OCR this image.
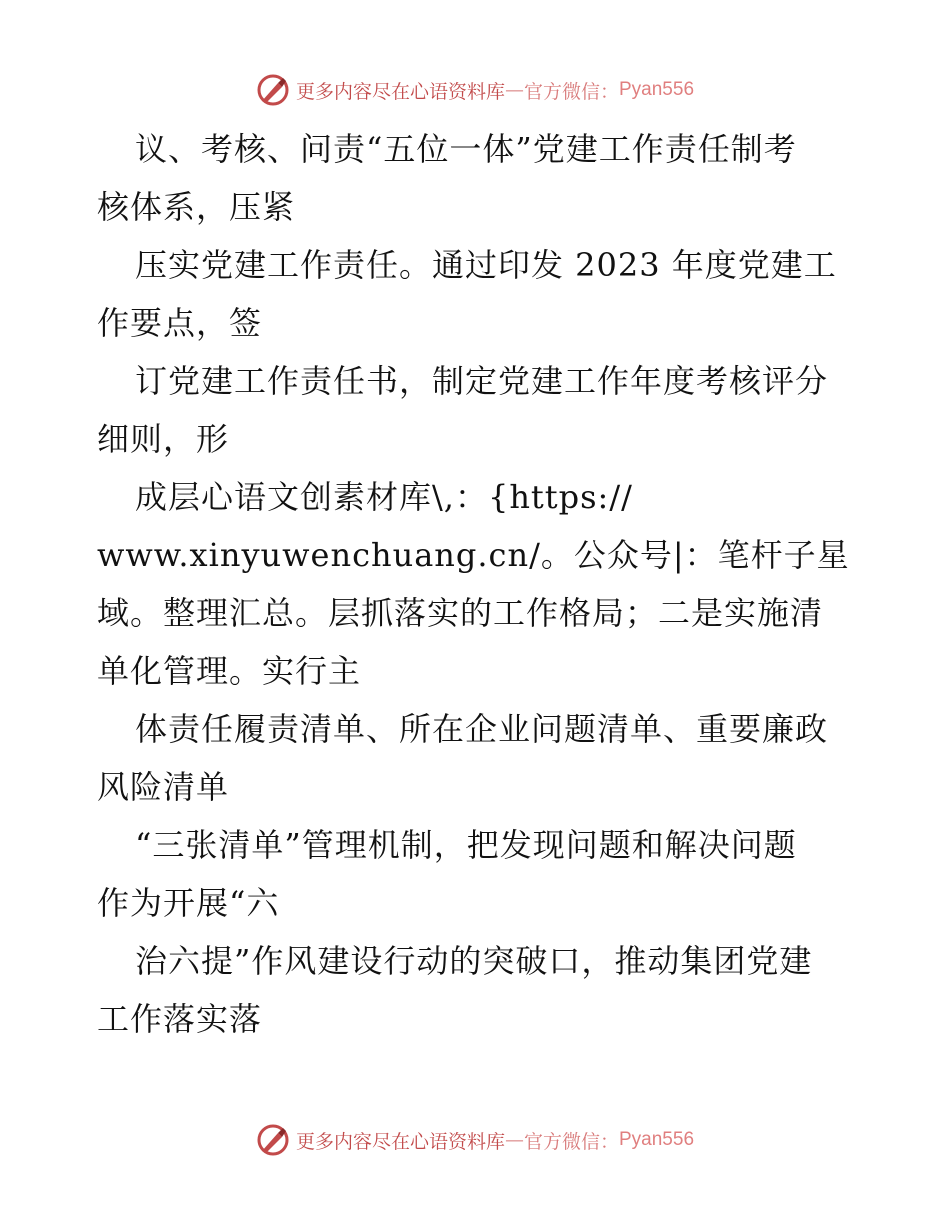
更多内容尽在心语资料库 — 官方微信： Pyan556
议、考核、问责“五位一体”党建工作责任制考
核体系，压紧
压实党建工作责任。通过印发 2023 年度党建工
作要点，签
订党建工作责任书，制定党建工作年度考核评分
细则，形
成层心语文创素材库\,：{https://
www.xinyuwenchuang.cn/。公众号|：笔杆子星
域。整理汇总。层抓落实的工作格局；二是实施清
单化管理。实行主
体责任履责清单、所在企业问题清单、重要廉政
风险清单
“三张清单”管理机制，把发现问题和解决问题
作为开展“六
治六提”作风建设行动的突破口，推动集团党建
工作落实落
更多内容尽在心语资料库 — 官方微信： Pyan556
